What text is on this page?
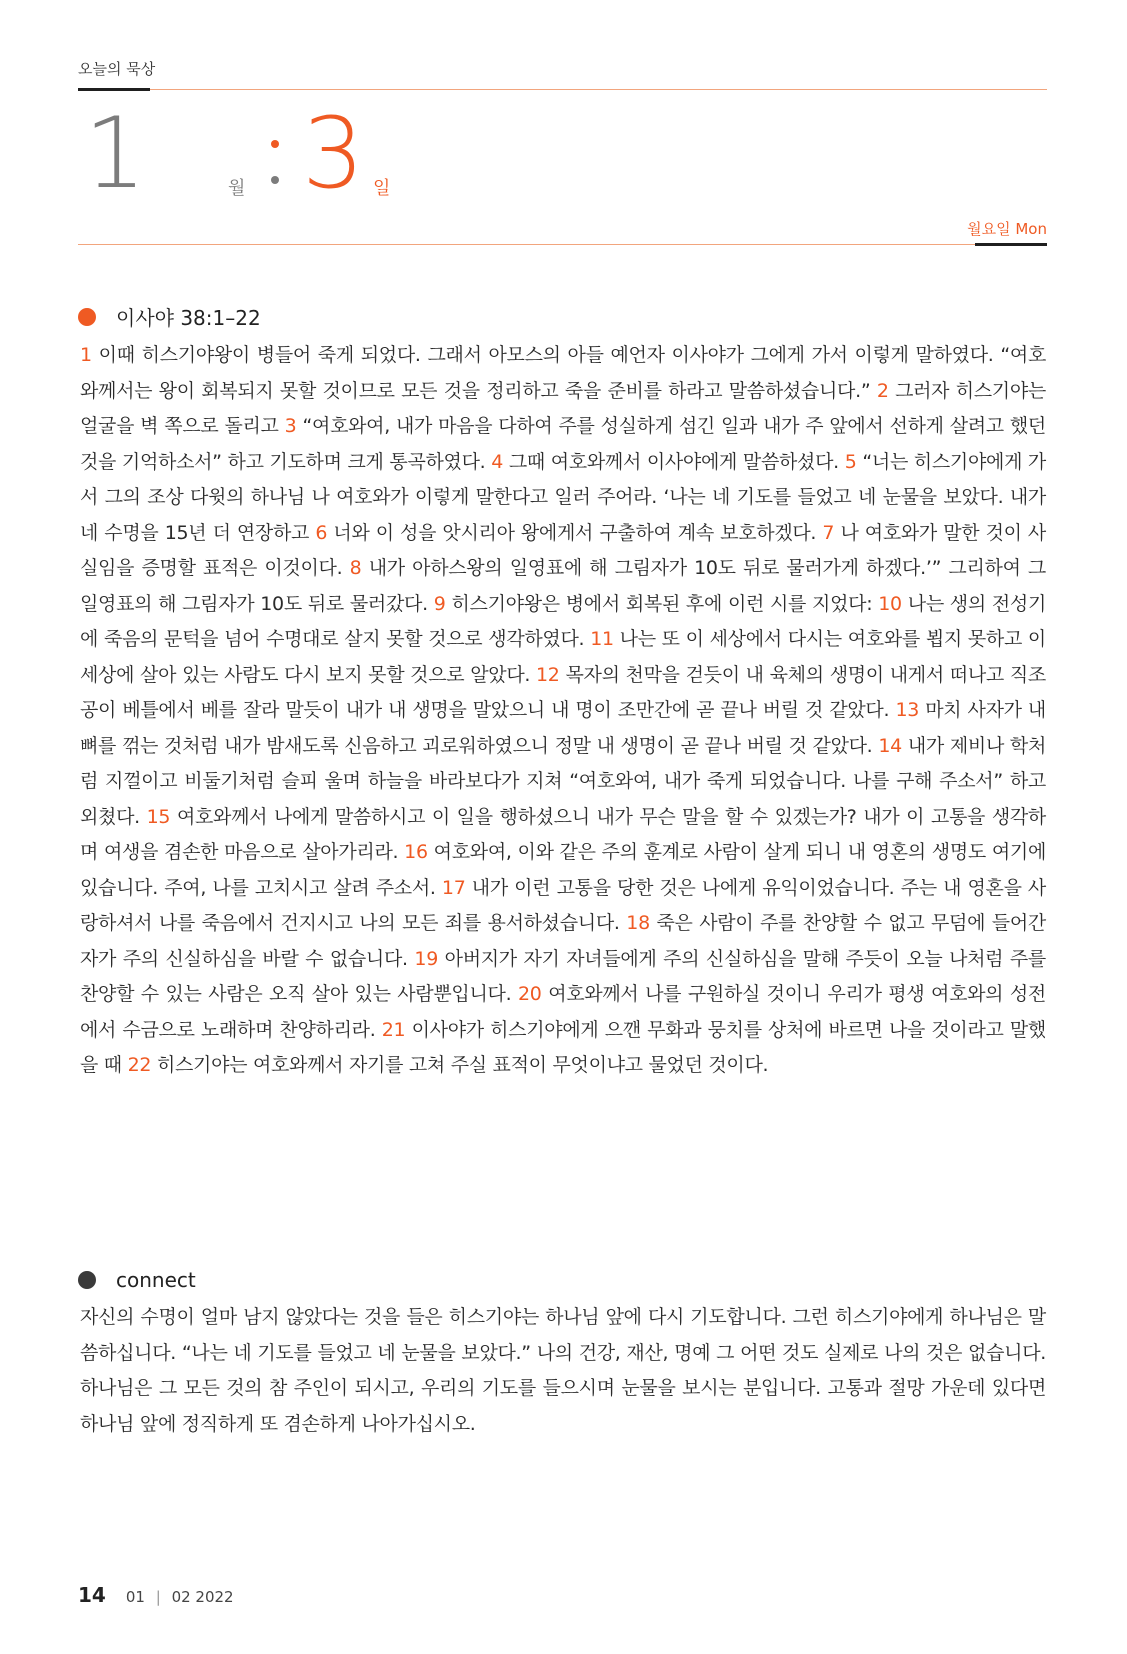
오늘의 묵상
1	월 3 일
월요일 Mon
이사야 38:1–22
1 이때 히스기야왕이 병들어 죽게 되었다. 그래서 아모스의 아들 예언자 이사야가 그에게 가서 이렇게 말하였다. “여호와께서는 왕이 회복되지 못할 것이므로 모든 것을 정리하고 죽을 준비를 하라고 말씀하셨습니다.” 2 그러자 히스기야는 얼굴을 벽 쪽으로 돌리고 3 “여호와여, 내가 마음을 다하여 주를 성실하게 섬긴 일과 내가 주 앞에서 선하게 살려고 했던 것을 기억하소서” 하고 기도하며 크게 통곡하였다. 4 그때 여호와께서 이사야에게 말씀하셨다. 5 “너는 히스기야에게 가서 그의 조상 다윗의 하나님 나 여호와가 이렇게 말한다고 일러 주어라. ‘나는 네 기도를 들었고 네 눈물을 보았다. 내가 네 수명을 15년 더 연장하고 6 너와 이 성을 앗시리아 왕에게서 구출하여 계속 보호하겠다. 7 나 여호와가 말한 것이 사실임을 증명할 표적은 이것이다. 8 내가 아하스왕의 일영표에 해 그림자가 10도 뒤로 물러가게 하겠다.’” 그리하여 그 일영표의 해 그림자가 10도 뒤로 물러갔다. 9 히스기야왕은 병에서 회복된 후에 이런 시를 지었다: 10 나는 생의 전성기에 죽음의 문턱을 넘어 수명대로 살지 못할 것으로 생각하였다. 11 나는 또 이 세상에서 다시는 여호와를 뵙지 못하고 이 세상에 살아 있는 사람도 다시 보지 못할 것으로 알았다. 12 목자의 천막을 걷듯이 내 육체의 생명이 내게서 떠나고 직조공이 베틀에서 베를 잘라 말듯이 내가 내 생명을 말았으니 내 명이 조만간에 곧 끝나 버릴 것 같았다. 13 마치 사자가 내 뼈를 꺾는 것처럼 내가 밤새도록 신음하고 괴로워하였으니 정말 내 생명이 곧 끝나 버릴 것 같았다. 14 내가 제비나 학처럼 지껄이고 비둘기처럼 슬피 울며 하늘을 바라보다가 지쳐 “여호와여, 내가 죽게 되었습니다. 나를 구해 주소서” 하고 외쳤다. 15 여호와께서 나에게 말씀하시고 이 일을 행하셨으니 내가 무슨 말을 할 수 있겠는가? 내가 이 고통을 생각하며 여생을 겸손한 마음으로 살아가리라. 16 여호와여, 이와 같은 주의 훈계로 사람이 살게 되니 내 영혼의 생명도 여기에 있습니다. 주여, 나를 고치시고 살려 주소서. 17 내가 이런 고통을 당한 것은 나에게 유익이었습니다. 주는 내 영혼을 사랑하셔서 나를 죽음에서 건지시고 나의 모든 죄를 용서하셨습니다. 18 죽은 사람이 주를 찬양할 수 없고 무덤에 들어간 자가 주의 신실하심을 바랄 수 없습니다. 19 아버지가 자기 자녀들에게 주의 신실하심을 말해 주듯이 오늘 나처럼 주를 찬양할 수 있는 사람은 오직 살아 있는 사람뿐입니다. 20 여호와께서 나를 구원하실 것이니 우리가 평생 여호와의 성전에서 수금으로 노래하며 찬양하리라. 21 이사야가 히스기야에게 으깬 무화과 뭉치를 상처에 바르면 나을 것이라고 말했을 때 22 히스기야는 여호와께서 자기를 고쳐 주실 표적이 무엇이냐고 물었던 것이다.
connect
자신의 수명이 얼마 남지 않았다는 것을 들은 히스기야는 하나님 앞에 다시 기도합니다. 그런 히스기야에게 하나님은 말씀하십니다. “나는 네 기도를 들었고 네 눈물을 보았다.” 나의 건강, 재산, 명예 그 어떤 것도 실제로 나의 것은 없습니다. 하나님은 그 모든 것의 참 주인이 되시고, 우리의 기도를 들으시며 눈물을 보시는 분입니다. 고통과 절망 가운데 있다면 하나님 앞에 정직하게 또 겸손하게 나아가십시오.
14 01 | 02 2022
